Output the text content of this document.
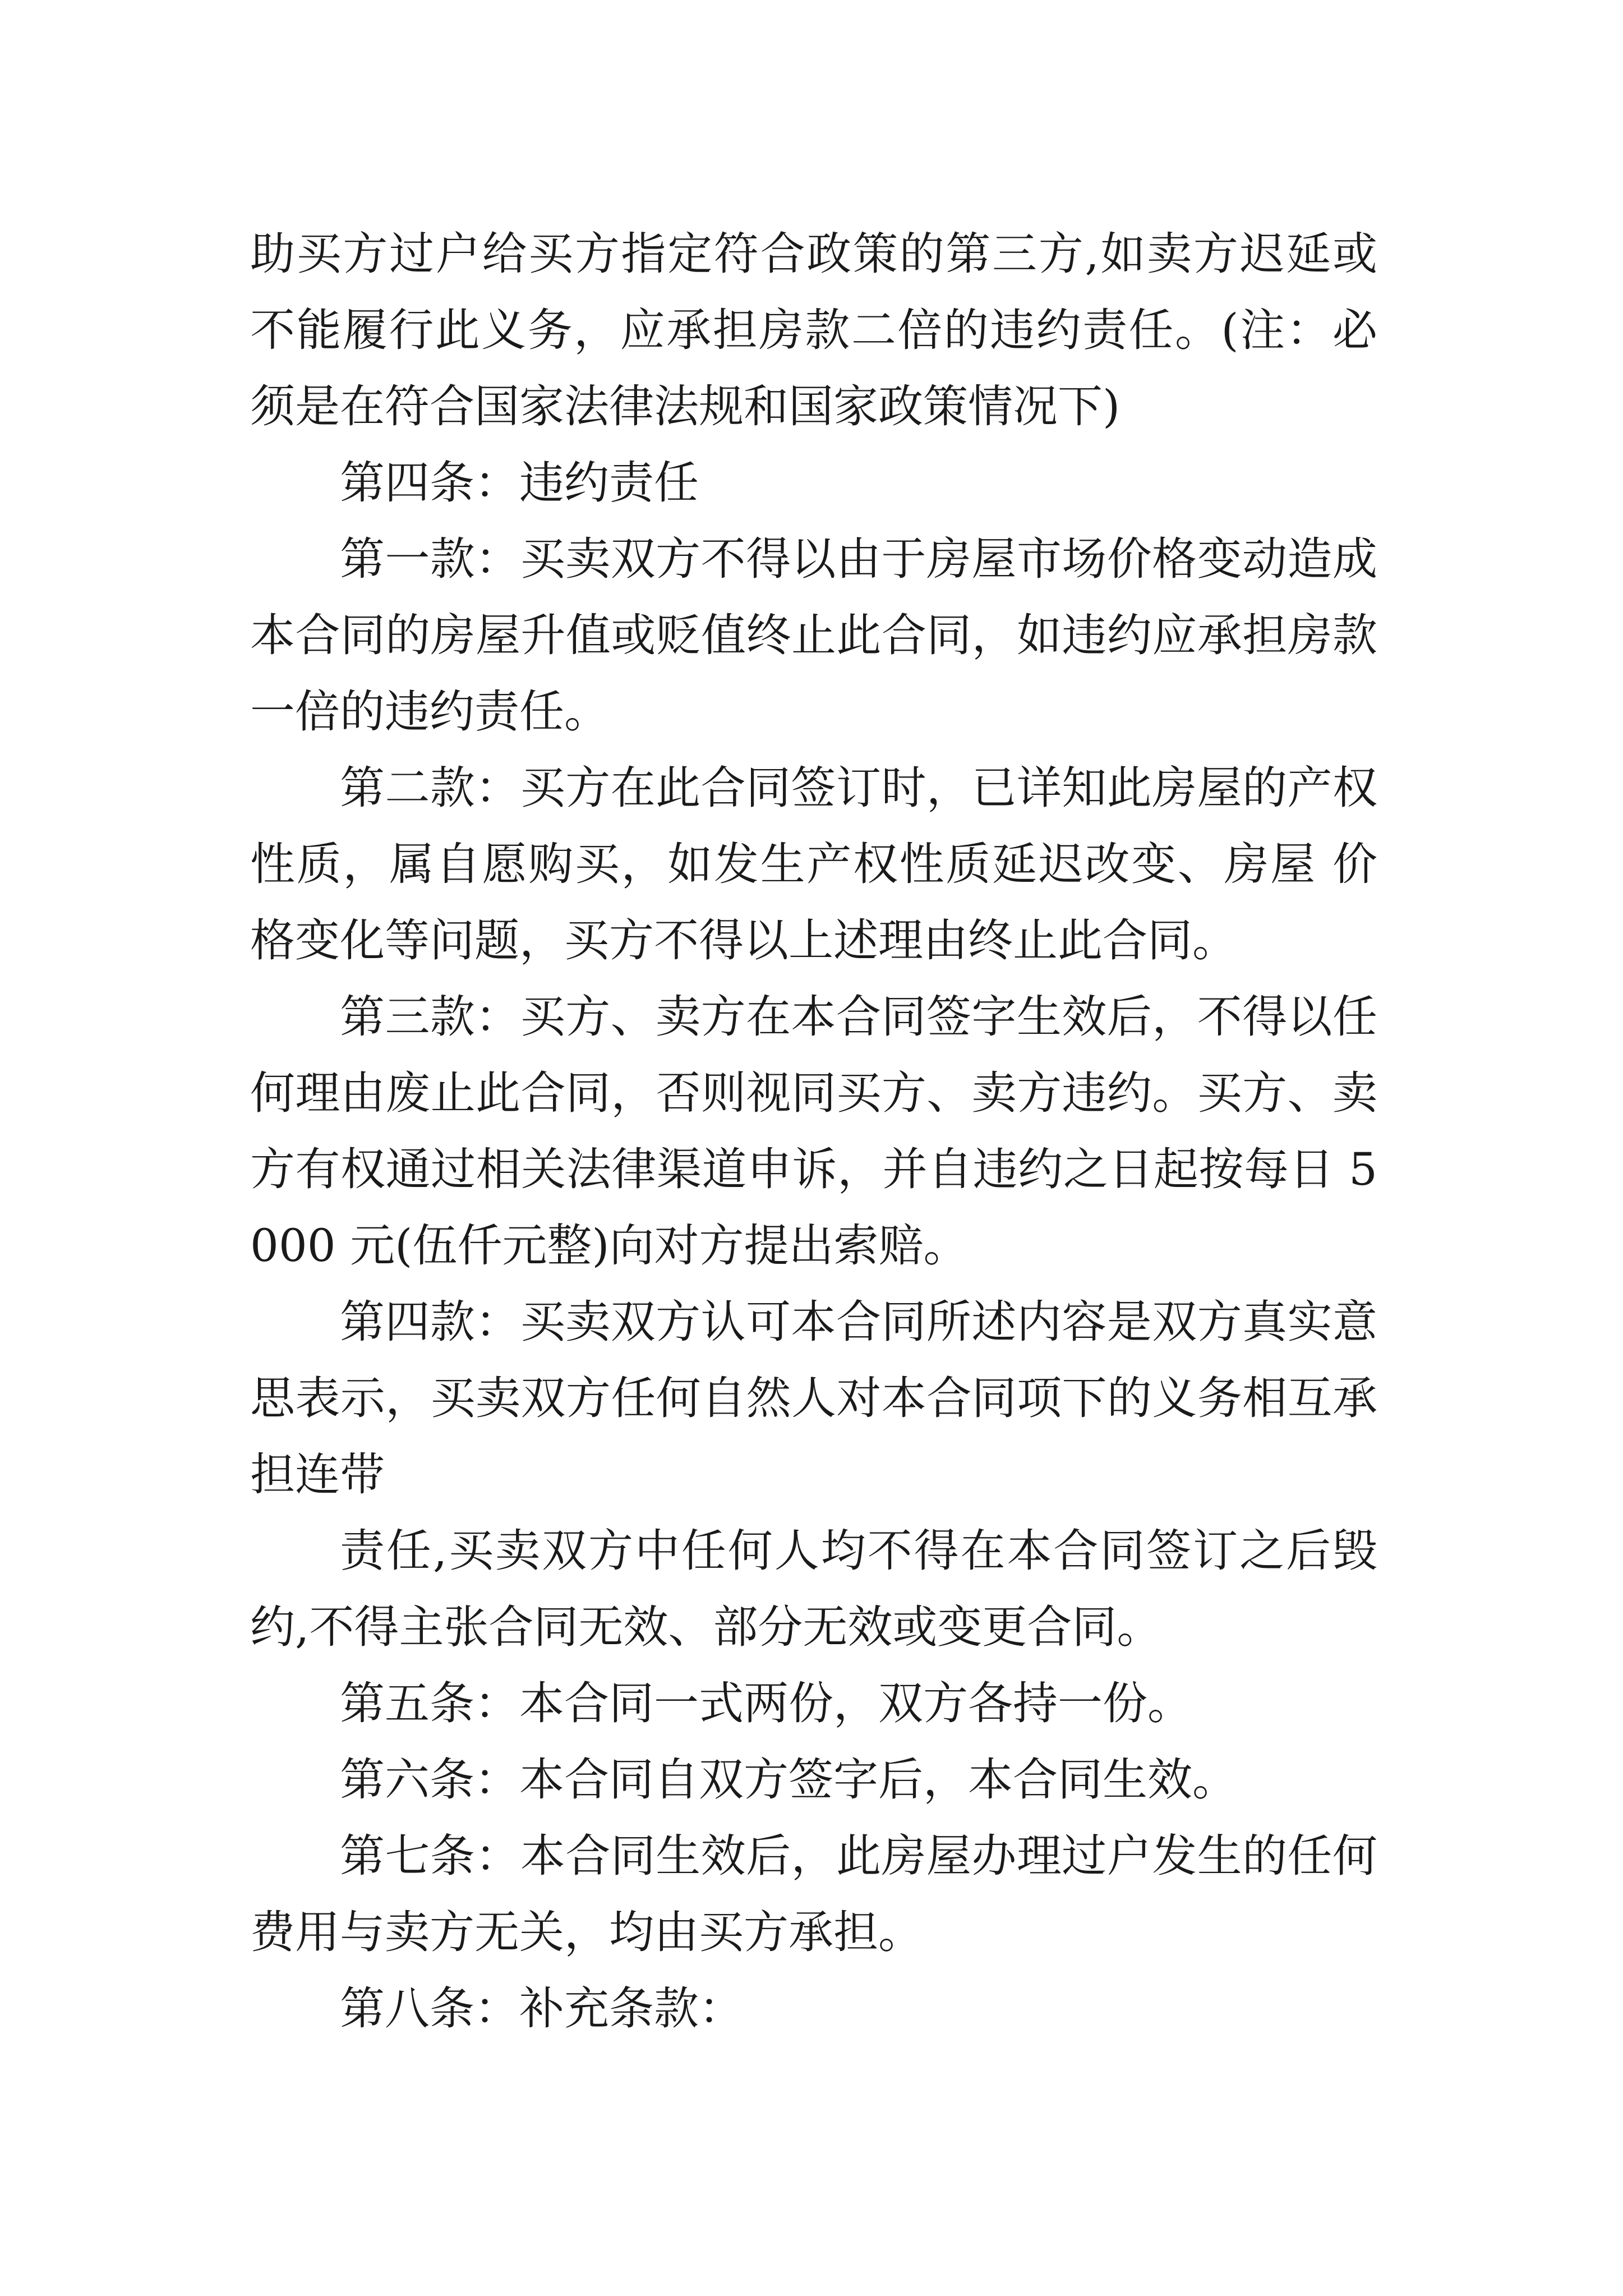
助买方过户给买方指定符合政策的第三方,如卖方迟延或不能履行此义务，应承担房款二倍的违约责任。(注：必须是在符合国家法律法规和国家政策情况下)

第四条：违约责任

第一款：买卖双方不得以由于房屋市场价格变动造成本合同的房屋升值或贬值终止此合同，如违约应承担房款一倍的违约责任。

第二款：买方在此合同签订时，已详知此房屋的产权性质，属自愿购买，如发生产权性质延迟改变、房屋 价格变化等问题，买方不得以上述理由终止此合同。

第三款：买方、卖方在本合同签字生效后，不得以任何理由废止此合同，否则视同买方、卖方违约。买方、卖方有权通过相关法律渠道申诉，并自违约之日起按每日 5000 元(伍仟元整)向对方提出索赔。

第四款：买卖双方认可本合同所述内容是双方真实意思表示，买卖双方任何自然人对本合同项下的义务相互承担连带

责任,买卖双方中任何人均不得在本合同签订之后毁约,不得主张合同无效、部分无效或变更合同。

第五条：本合同一式两份，双方各持一份。

第六条：本合同自双方签字后，本合同生效。

第七条：本合同生效后，此房屋办理过户发生的任何费用与卖方无关，均由买方承担。

第八条：补充条款：
